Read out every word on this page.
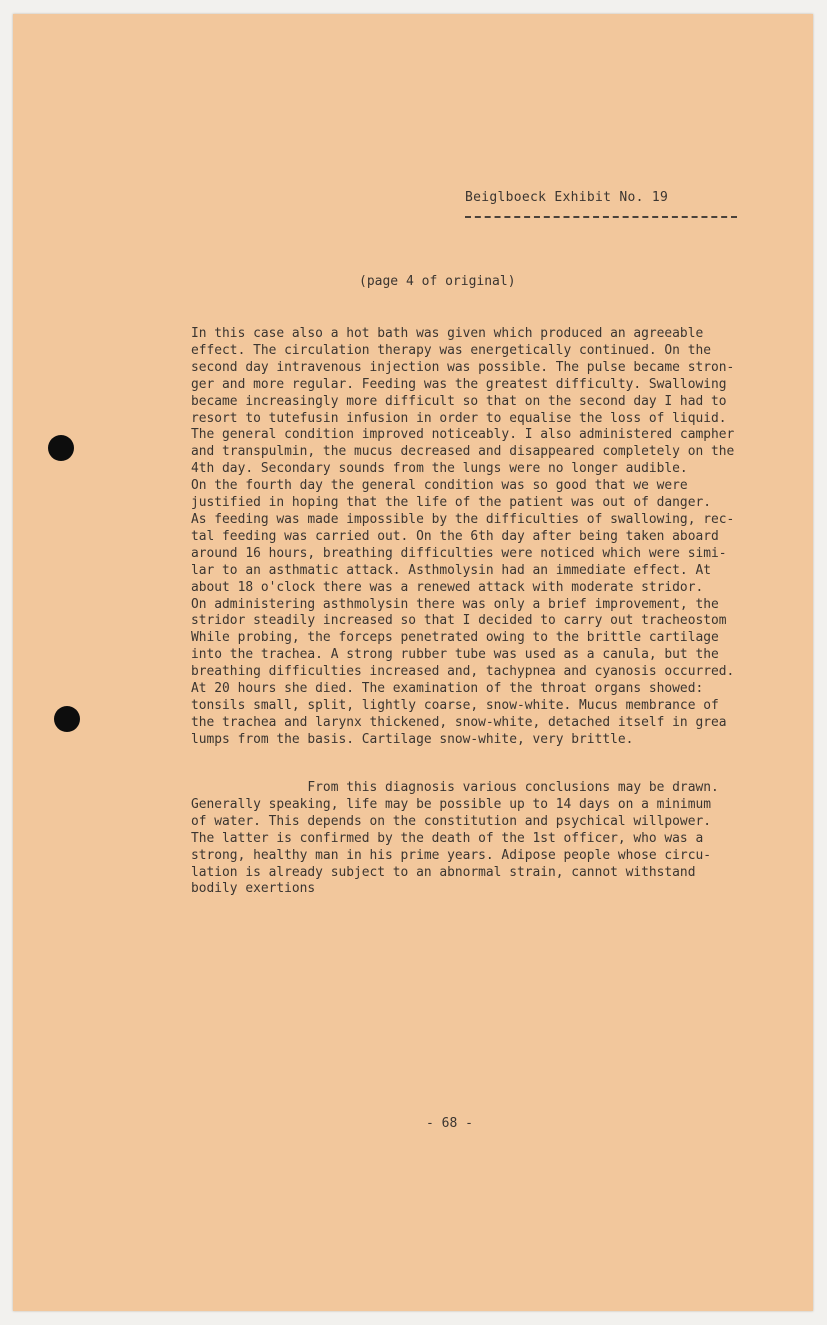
Beiglboeck Exhibit No. 19
(page 4 of original)
In this case also a hot bath was given which produced an agreeable
effect. The circulation therapy was energetically continued. On the
second day intravenous injection was possible. The pulse became stron-
ger and more regular. Feeding was the greatest difficulty. Swallowing
became increasingly more difficult so that on the second day I had to
resort to tutefusin infusion in order to equalise the loss of liquid.
The general condition improved noticeably. I also administered campher
and transpulmin, the mucus decreased and disappeared completely on the
4th day. Secondary sounds from the lungs were no longer audible.
On the fourth day the general condition was so good that we were
justified in hoping that the life of the patient was out of danger.
As feeding was made impossible by the difficulties of swallowing, rec-
tal feeding was carried out. On the 6th day after being taken aboard
around 16 hours, breathing difficulties were noticed which were simi-
lar to an asthmatic attack. Asthmolysin had an immediate effect. At
about 18 o'clock there was a renewed attack with moderate stridor.
On administering asthmolysin there was only a brief improvement, the
stridor steadily increased so that I decided to carry out tracheostom
While probing, the forceps penetrated owing to the brittle cartilage
into the trachea. A strong rubber tube was used as a canula, but the
breathing difficulties increased and, tachypnea and cyanosis occurred.
At 20 hours she died. The examination of the throat organs showed:
tonsils small, split, lightly coarse, snow-white. Mucus membrance of
the trachea and larynx thickened, snow-white, detached itself in grea
lumps from the basis. Cartilage snow-white, very brittle.
From this diagnosis various conclusions may be drawn.
Generally speaking, life may be possible up to 14 days on a minimum
of water. This depends on the constitution and psychical willpower.
The latter is confirmed by the death of the 1st officer, who was a
strong, healthy man in his prime years. Adipose people whose circu-
lation is already subject to an abnormal strain, cannot withstand
bodily exertions
- 68 -
